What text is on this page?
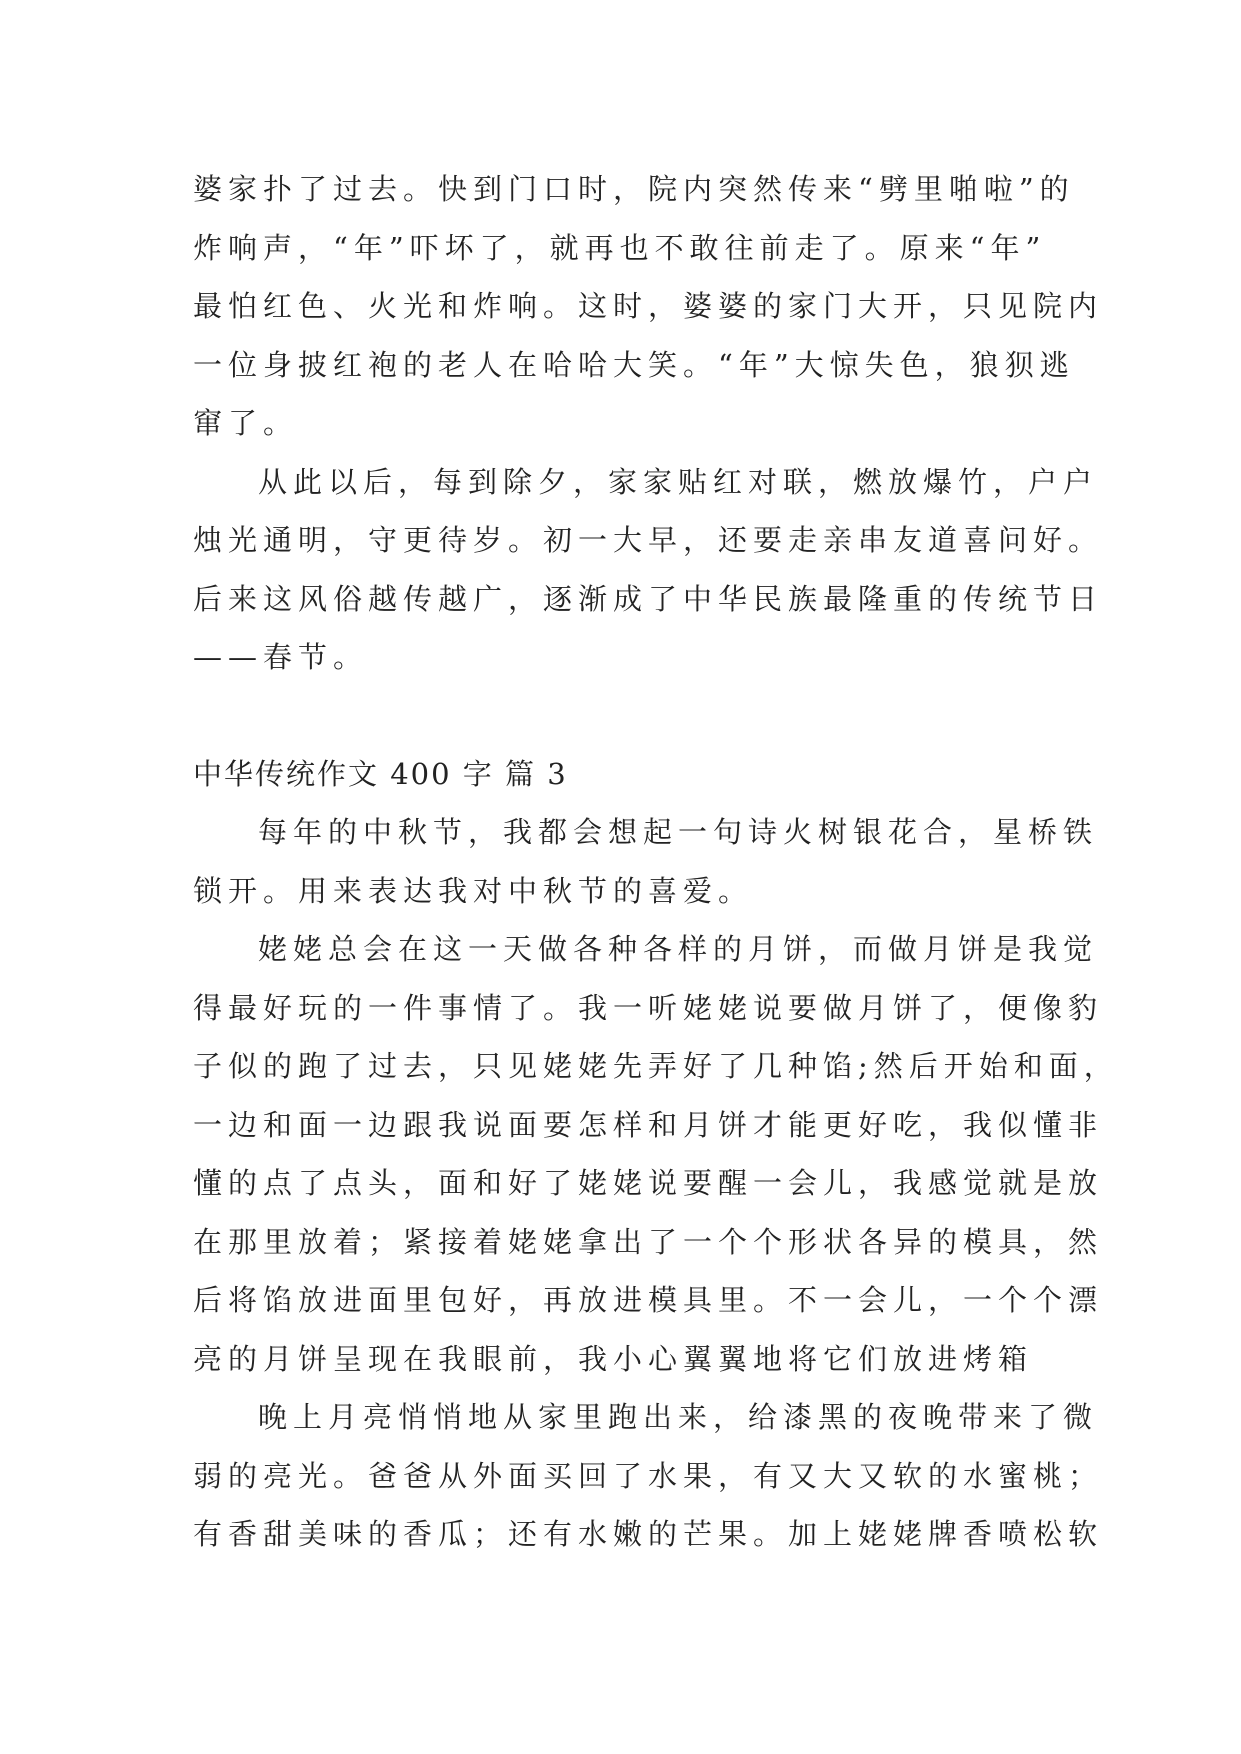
婆家扑了过去。快到门口时，院内突然传来“劈里啪啦”的
炸响声，“年”吓坏了，就再也不敢往前走了。原来“年”
最怕红色、火光和炸响。这时，婆婆的家门大开，只见院内
一位身披红袍的老人在哈哈大笑。“年”大惊失色，狼狈逃
窜了。
从此以后，每到除夕，家家贴红对联，燃放爆竹，户户
烛光通明，守更待岁。初一大早，还要走亲串友道喜问好。
后来这风俗越传越广，逐渐成了中华民族最隆重的传统节日
——春节。
中华传统作文 400 字 篇 3
每年的中秋节，我都会想起一句诗火树银花合，星桥铁
锁开。用来表达我对中秋节的喜爱。
姥姥总会在这一天做各种各样的月饼，而做月饼是我觉
得最好玩的一件事情了。我一听姥姥说要做月饼了，便像豹
子似的跑了过去，只见姥姥先弄好了几种馅;然后开始和面，
一边和面一边跟我说面要怎样和月饼才能更好吃，我似懂非
懂的点了点头，面和好了姥姥说要醒一会儿，我感觉就是放
在那里放着；紧接着姥姥拿出了一个个形状各异的模具，然
后将馅放进面里包好，再放进模具里。不一会儿，一个个漂
亮的月饼呈现在我眼前，我小心翼翼地将它们放进烤箱
晚上月亮悄悄地从家里跑出来，给漆黑的夜晚带来了微
弱的亮光。爸爸从外面买回了水果，有又大又软的水蜜桃；
有香甜美味的香瓜；还有水嫩的芒果。加上姥姥牌香喷松软
